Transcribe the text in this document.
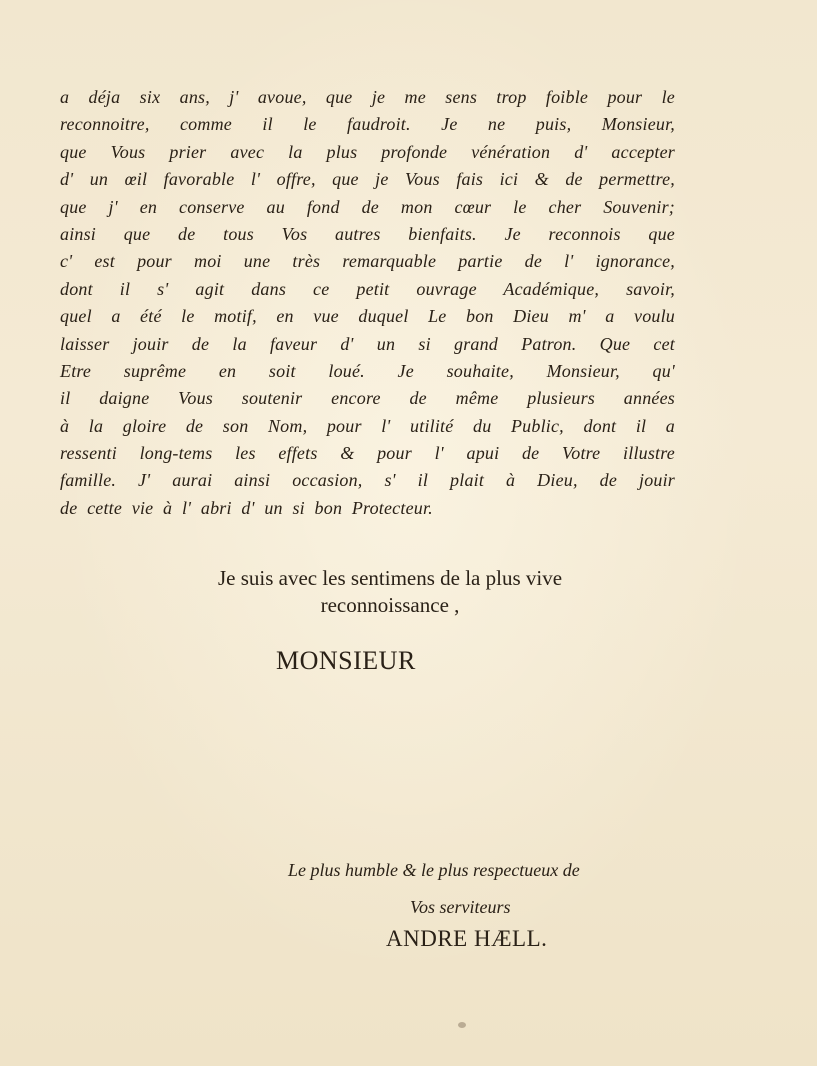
a déja six ans, j' avoue, que je me sens trop foible pour le
reconnoitre, comme il le faudroit. Je ne puis, Monsieur,
que Vous prier avec la plus profonde vénération d' accepter
d' un œil favorable l' offre, que je Vous fais ici & de permettre,
que j' en conserve au fond de mon cœur le cher Souvenir;
ainsi que de tous Vos autres bienfaits. Je reconnois que
c' est pour moi une très remarquable partie de l' ignorance,
dont il s' agit dans ce petit ouvrage Académique, savoir,
quel a été le motif, en vue duquel Le bon Dieu m' a voulu
laisser jouir de la faveur d' un si grand Patron. Que cet
Etre suprême en soit loué. Je souhaite, Monsieur, qu'
il daigne Vous soutenir encore de même plusieurs années
à la gloire de son Nom, pour l' utilité du Public, dont il a
ressenti long-tems les effets & pour l' apui de Votre illustre
famille. J' aurai ainsi occasion, s' il plait à Dieu, de jouir
de cette vie à l' abri d' un si bon Protecteur.
Je suis avec les sentimens de la plus vive
reconnoissance ,
MONSIEUR
Le plus humble & le plus respectueux de
Vos serviteurs
ANDRE HÆLL.
